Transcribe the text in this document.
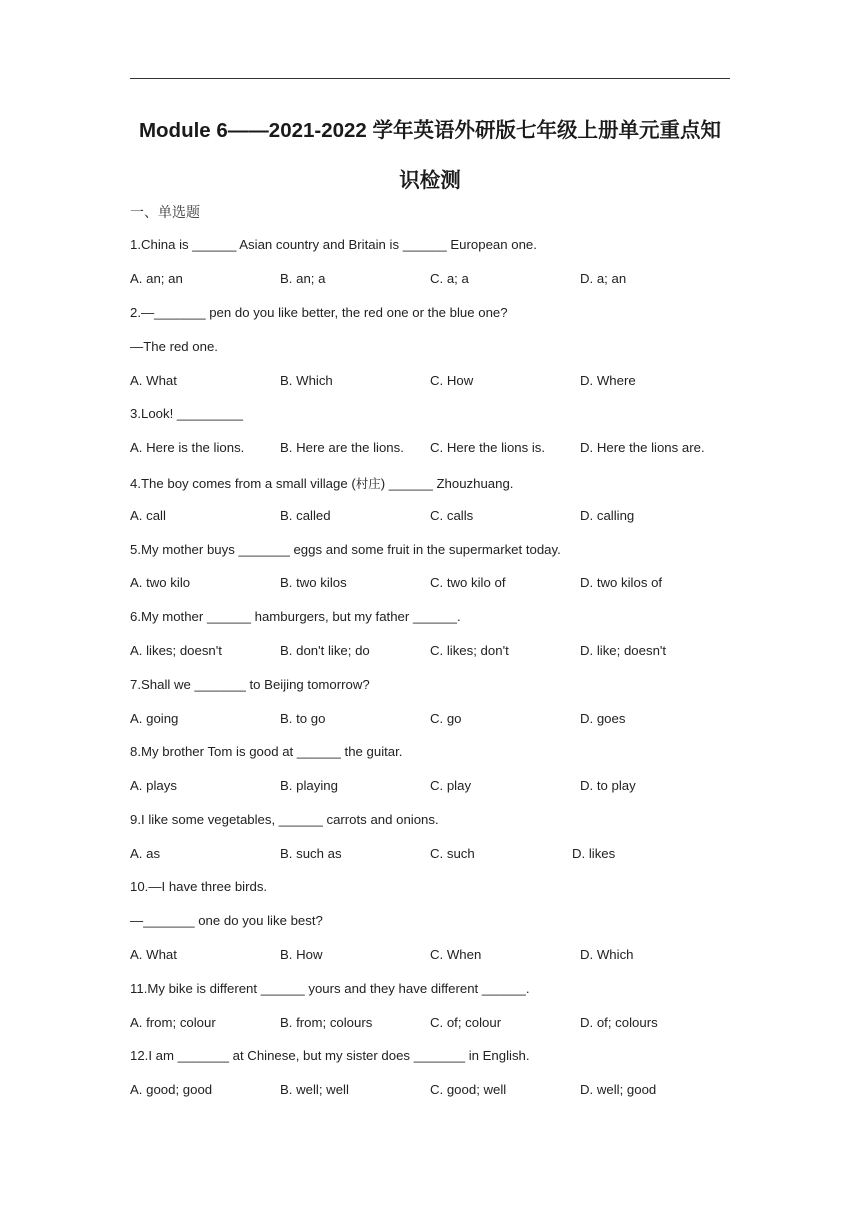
Module 6——2021-2022 学年英语外研版七年级上册单元重点知
识检测
一、单选题
1.China is ______ Asian country and Britain is ______ European one.
A. an; an	B. an; a	C. a; a	D. a; an
2.—_______ pen do you like better, the red one or the blue one?
—The red one.
A. What	B. Which	C. How	D. Where
3.Look! _________
A. Here is the lions.	B. Here are the lions. C. Here the lions is.	D. Here the lions are.
4.The boy comes from a small village (村庄) ______ Zhouzhuang.
A. call	B. called	C. calls	D. calling
5.My mother buys _______ eggs and some fruit in the supermarket today.
A. two kilo	B. two kilos	C. two kilo of	D. two kilos of
6.My mother ______ hamburgers, but my father ______.
A. likes; doesn't	B. don't like; do	C. likes; don't	D. like; doesn't
7.Shall we _______ to Beijing tomorrow?
A. going	B. to go	C. go	D. goes
8.My brother Tom is good at ______ the guitar.
A. plays	B. playing	C. play	D. to play
9.I like some vegetables, ______ carrots and onions.
A. as	B. such as	C. such	D. likes
10.—I have three birds.
—_______ one do you like best?
A. What	B. How	C. When	D. Which
11.My bike is different ______ yours and they have different ______.
A. from; colour	B. from; colours	C. of; colour	D. of; colours
12.I am _______ at Chinese, but my sister does _______ in English.
A. good; good	B. well; well	C. good; well	D. well; good
